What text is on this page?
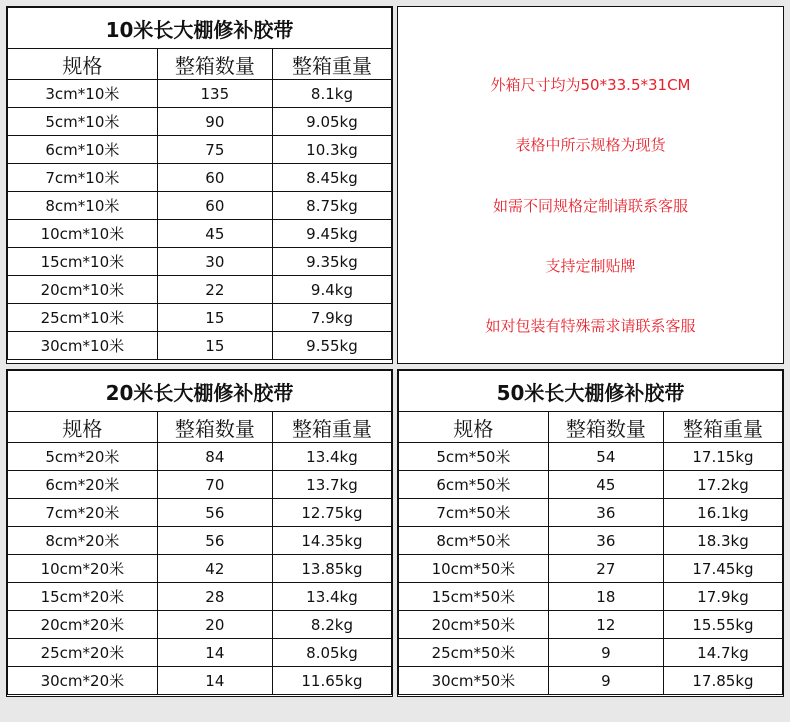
10米长大棚修补胶带		
规格	整箱数量	整箱重量
3cm*10米	135	8.1kg
5cm*10米	90	9.05kg
6cm*10米	75	10.3kg
7cm*10米	60	8.45kg
8cm*10米	60	8.75kg
10cm*10米	45	9.45kg
15cm*10米	30	9.35kg
20cm*10米	22	9.4kg
25cm*10米	15	7.9kg
30cm*10米	15	9.55kg
外箱尺寸均为50*33.5*31CM
表格中所示规格为现货
如需不同规格定制请联系客服
支持定制贴牌
如对包装有特殊需求请联系客服
20米长大棚修补胶带		
规格	整箱数量	整箱重量
5cm*20米	84	13.4kg
6cm*20米	70	13.7kg
7cm*20米	56	12.75kg
8cm*20米	56	14.35kg
10cm*20米	42	13.85kg
15cm*20米	28	13.4kg
20cm*20米	20	8.2kg
25cm*20米	14	8.05kg
30cm*20米	14	11.65kg
50米长大棚修补胶带		
规格	整箱数量	整箱重量
5cm*50米	54	17.15kg
6cm*50米	45	17.2kg
7cm*50米	36	16.1kg
8cm*50米	36	18.3kg
10cm*50米	27	17.45kg
15cm*50米	18	17.9kg
20cm*50米	12	15.55kg
25cm*50米	9	14.7kg
30cm*50米	9	17.85kg
